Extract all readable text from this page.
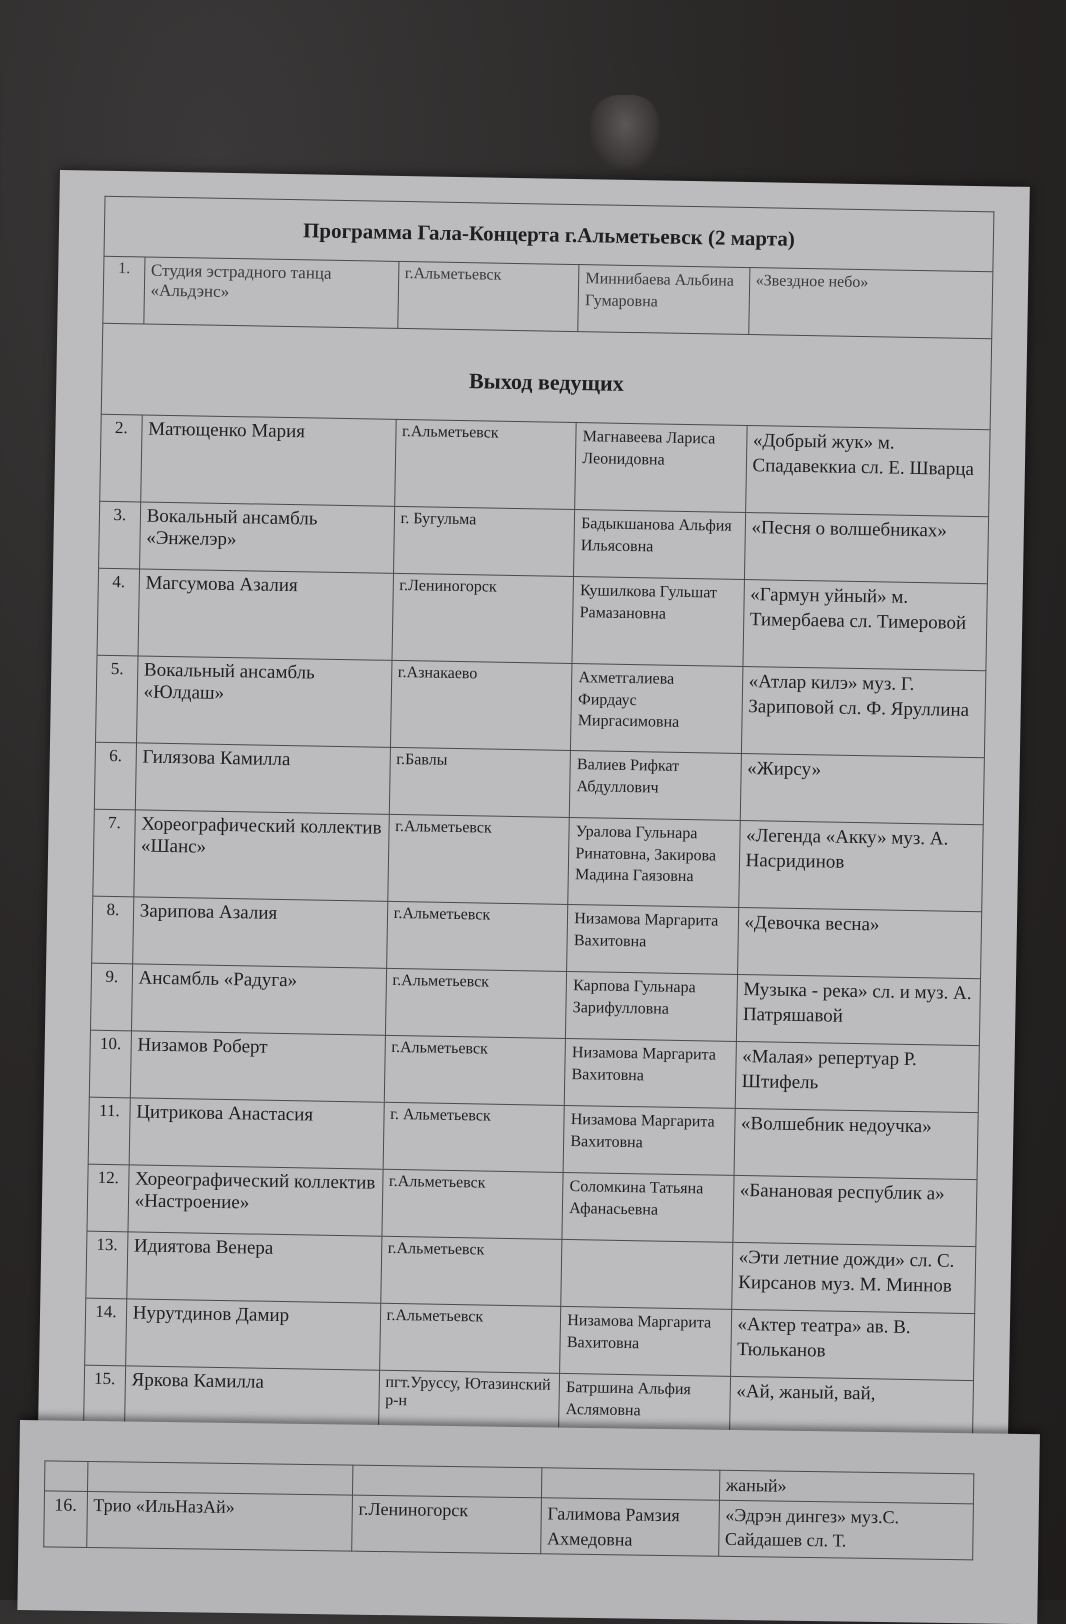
Программа Гала-Концерта г.Альметьевск (2 марта)				
1.	Студия эстрадного танца «Альдэнс»	г.Альметьевск	Миннибаева Альбина Гумаровна	«Звездное небо»
Выход ведущих				
2.	Матющенко Мария	г.Альметьевск	Магнавеева Лариса Леонидовна	«Добрый жук» м. Спадавеккиа сл. Е. Шварца
3.	Вокальный ансамбль «Энжелэр»	г. Бугульма	Бадыкшанова Альфия Ильясовна	«Песня о волшебниках»
4.	Магсумова Азалия	г.Лениногорск	Кушилкова Гульшат Рамазановна	«Гармун уйный» м. Тимербаева сл. Тимеровой
5.	Вокальный ансамбль «Юлдаш»	г.Азнакаево	Ахметгалиева Фирдаус Миргасимовна	«Атлар килэ» муз. Г. Зариповой сл. Ф. Яруллина
6.	Гилязова Камилла	г.Бавлы	Валиев Рифкат Абдуллович	«Жирсу»
7.	Хореографический коллектив «Шанс»	г.Альметьевск	Уралова Гульнара Ринатовна, Закирова Мадина Гаязовна	«Легенда «Акку» муз. А. Насридинов
8.	Зарипова Азалия	г.Альметьевск	Низамова Маргарита Вахитовна	«Девочка весна»
9.	Ансамбль «Радуга»	г.Альметьевск	Карпова Гульнара Зарифулловна	Музыка - река» сл. и муз. А. Патряшавой
10.	Низамов Роберт	г.Альметьевск	Низамова Маргарита Вахитовна	«Малая» репертуар Р. Штифель
11.	Цитрикова Анастасия	г. Альметьевск	Низамова Маргарита Вахитовна	«Волшебник недоучка»
12.	Хореографический коллектив «Настроение»	г.Альметьевск	Соломкина Татьяна Афанасьевна	«Банановая республик а»
13.	Идиятова Венера	г.Альметьевск		«Эти летние дожди» сл. С. Кирсанов муз. М. Миннов
14.	Нурутдинов Дамир	г.Альметьевск	Низамова Маргарита Вахитовна	«Актер театра» ав. В. Тюльканов
15.	Яркова Камилла	пгт.Уруссу, Ютазинский р-н	Батршина Альфия Аслямовна	«Ай, жаный, вай,
				жаный»
16.	Трио «ИльНазАй»	г.Лениногорск	Галимова Рамзия Ахмедовна	«Эдрэн дингез» муз.С. Сайдашев сл. Т.
